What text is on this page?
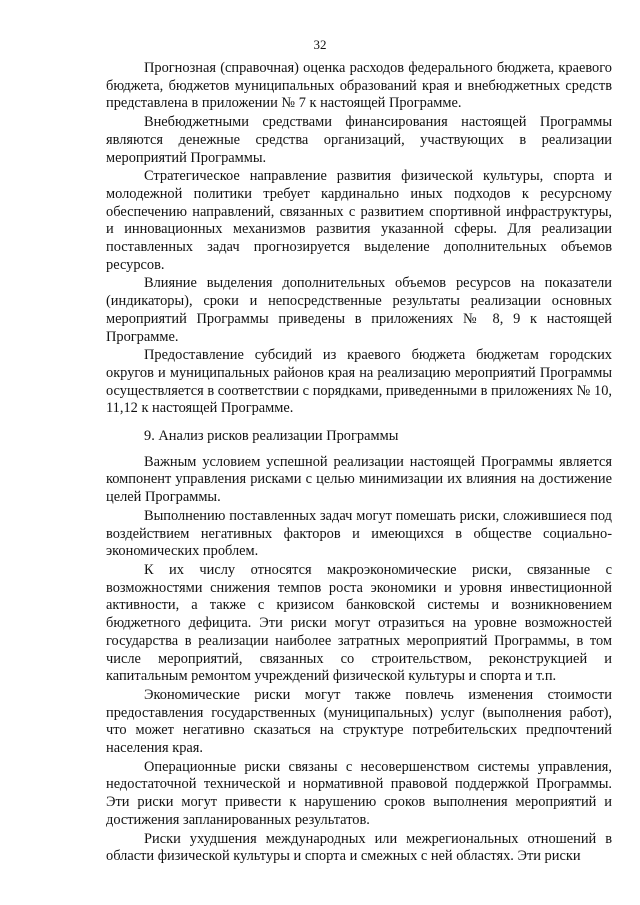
32

Прогнозная (справочная) оценка расходов федерального бюджета, краевого бюджета, бюджетов муниципальных образований края и внебюджетных средств представлена в приложении № 7 к настоящей Программе.

Внебюджетными средствами финансирования настоящей Программы являются денежные средства организаций, участвующих в реализации мероприятий Программы.

Стратегическое направление развития физической культуры, спорта и молодежной политики требует кардинально иных подходов к ресурсному обеспечению направлений, связанных с развитием спортивной инфраструктуры, и инновационных механизмов развития указанной сферы. Для реализации поставленных задач прогнозируется выделение дополнительных объемов ресурсов.

Влияние выделения дополнительных объемов ресурсов на показатели (индикаторы), сроки и непосредственные результаты реализации основных мероприятий Программы приведены в приложениях № 8, 9 к настоящей Программе.

Предоставление субсидий из краевого бюджета бюджетам городских округов и муниципальных районов края на реализацию мероприятий Программы осуществляется в соответствии с порядками, приведенными в приложениях № 10, 11,12 к настоящей Программе.

9. Анализ рисков реализации Программы

Важным условием успешной реализации настоящей Программы является компонент управления рисками с целью минимизации их влияния на достижение целей Программы.

Выполнению поставленных задач могут помешать риски, сложившиеся под воздействием негативных факторов и имеющихся в обществе социально-экономических проблем.

К их числу относятся макроэкономические риски, связанные с возможностями снижения темпов роста экономики и уровня инвестиционной активности, а также с кризисом банковской системы и возникновением бюджетного дефицита. Эти риски могут отразиться на уровне возможностей государства в реализации наиболее затратных мероприятий Программы, в том числе мероприятий, связанных со строительством, реконструкцией и капитальным ремонтом учреждений физической культуры и спорта и т.п.

Экономические риски могут также повлечь изменения стоимости предоставления государственных (муниципальных) услуг (выполнения работ), что может негативно сказаться на структуре потребительских предпочтений населения края.

Операционные риски связаны с несовершенством системы управления, недостаточной технической и нормативной правовой поддержкой Программы. Эти риски могут привести к нарушению сроков выполнения мероприятий и достижения запланированных результатов.

Риски ухудшения международных или межрегиональных отношений в области физической культуры и спорта и смежных с ней областях. Эти риски
